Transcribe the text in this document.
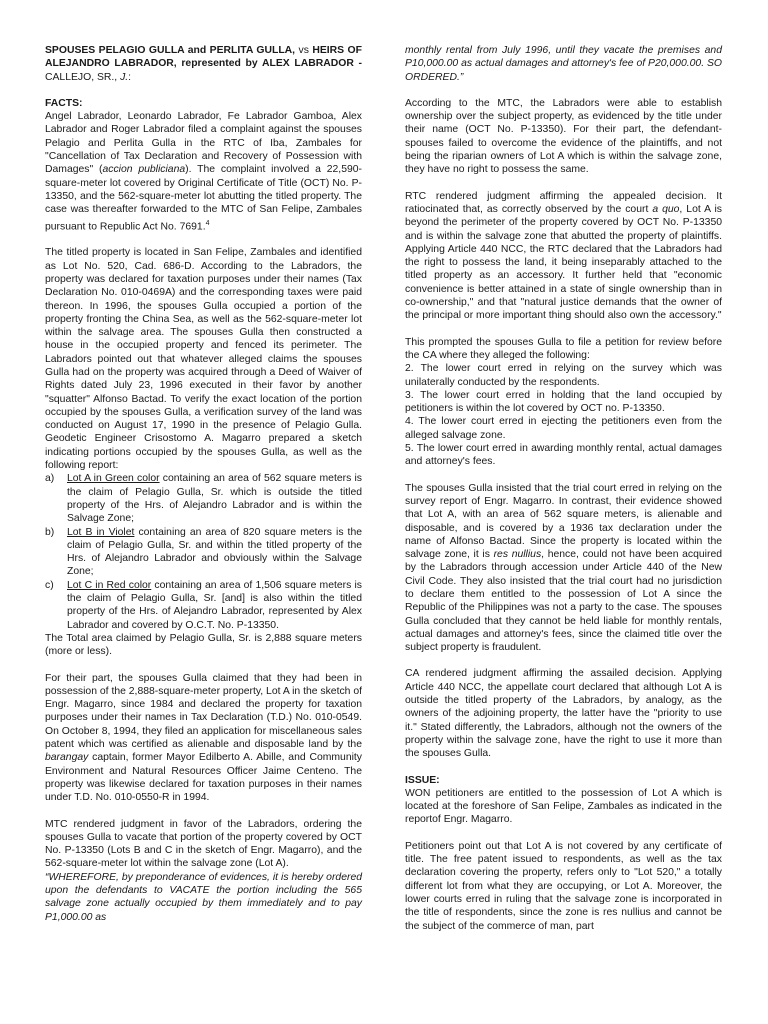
SPOUSES PELAGIO GULLA and PERLITA GULLA, vs HEIRS OF ALEJANDRO LABRADOR, represented by ALEX LABRADOR - CALLEJO, SR., J.:

FACTS:

Angel Labrador, Leonardo Labrador, Fe Labrador Gamboa, Alex Labrador and Roger Labrador filed a complaint against the spouses Pelagio and Perlita Gulla in the RTC of Iba, Zambales for "Cancellation of Tax Declaration and Recovery of Possession with Damages" (accion publiciana). The complaint involved a 22,590-square-meter lot covered by Original Certificate of Title (OCT) No. P-13350, and the 562-square-meter lot abutting the titled property. The case was thereafter forwarded to the MTC of San Felipe, Zambales pursuant to Republic Act No. 7691.$^4$

The titled property is located in San Felipe, Zambales and identified as Lot No. 520, Cad. 686-D. According to the Labradors, the property was declared for taxation purposes under their names (Tax Declaration No. 010-0469A) and the corresponding taxes were paid thereon. In 1996, the spouses Gulla occupied a portion of the property fronting the China Sea, as well as the 562-square-meter lot within the salvage area. The spouses Gulla then constructed a house in the occupied property and fenced its perimeter. The Labradors pointed out that whatever alleged claims the spouses Gulla had on the property was acquired through a Deed of Waiver of Rights dated July 23, 1996 executed in their favor by another "squatter" Alfonso Bactad. To verify the exact location of the portion occupied by the spouses Gulla, a verification survey of the land was conducted on August 17, 1990 in the presence of Pelagio Gulla. Geodetic Engineer Crisostomo A. Magarro prepared a sketch indicating portions occupied by the spouses Gulla, as well as the following report:

a)	Lot A in Green color containing an area of 562 square meters is the claim of Pelagio Gulla, Sr. which is outside the titled property of the Hrs. of Alejandro Labrador and is within the Salvage Zone;
b)	Lot B in Violet containing an area of 820 square meters is the claim of Pelagio Gulla, Sr. and within the titled property of the Hrs. of Alejandro Labrador and obviously within the Salvage Zone;
c)	Lot C in Red color containing an area of 1,506 square meters is the claim of Pelagio Gulla, Sr. [and] is also within the titled property of the Hrs. of Alejandro Labrador, represented by Alex Labrador and covered by O.C.T. No. P-13350.

The Total area claimed by Pelagio Gulla, Sr. is 2,888 square meters (more or less).

For their part, the spouses Gulla claimed that they had been in possession of the 2,888-square-meter property, Lot A in the sketch of Engr. Magarro, since 1984 and declared the property for taxation purposes under their names in Tax Declaration (T.D.) No. 010-0549. On October 8, 1994, they filed an application for miscellaneous sales patent which was certified as alienable and disposable land by the barangay captain, former Mayor Edilberto A. Abille, and Community Environment and Natural Resources Officer Jaime Centeno. The property was likewise declared for taxation purposes in their names under T.D. No. 010-0550-R in 1994.

MTC rendered judgment in favor of the Labradors, ordering the spouses Gulla to vacate that portion of the property covered by OCT No. P-13350 (Lots B and C in the sketch of Engr. Magarro), and the 562-square-meter lot within the salvage zone (Lot A).

“WHEREFORE, by preponderance of evidences, it is hereby ordered upon the defendants to VACATE the portion including the 565 salvage zone actually occupied by them immediately and to pay P1,000.00 as

monthly rental from July 1996, until they vacate the premises and P10,000.00 as actual damages and attorney's fee of P20,000.00. SO ORDERED.”

According to the MTC, the Labradors were able to establish ownership over the subject property, as evidenced by the title under their name (OCT No. P-13350). For their part, the defendant-spouses failed to overcome the evidence of the plaintiffs, and not being the riparian owners of Lot A which is within the salvage zone, they have no right to possess the same.

RTC rendered judgment affirming the appealed decision. It ratiocinated that, as correctly observed by the court a quo, Lot A is beyond the perimeter of the property covered by OCT No. P-13350 and is within the salvage zone that abutted the property of plaintiffs. Applying Article 440 NCC, the RTC declared that the Labradors had the right to possess the land, it being inseparably attached to the titled property as an accessory. It further held that "economic convenience is better attained in a state of single ownership than in co-ownership," and that "natural justice demands that the owner of the principal or more important thing should also own the accessory."

This prompted the spouses Gulla to file a petition for review before the CA where they alleged the following:

2. The lower court erred in relying on the survey which was unilaterally conducted by the respondents.

3. The lower court erred in holding that the land occupied by petitioners is within the lot covered by OCT no. P-13350.

4. The lower court erred in ejecting the petitioners even from the alleged salvage zone.

5. The lower court erred in awarding monthly rental, actual damages and attorney's fees.

The spouses Gulla insisted that the trial court erred in relying on the survey report of Engr. Magarro. In contrast, their evidence showed that Lot A, with an area of 562 square meters, is alienable and disposable, and is covered by a 1936 tax declaration under the name of Alfonso Bactad. Since the property is located within the salvage zone, it is res nullius, hence, could not have been acquired by the Labradors through accession under Article 440 of the New Civil Code. They also insisted that the trial court had no jurisdiction to declare them entitled to the possession of Lot A since the Republic of the Philippines was not a party to the case. The spouses Gulla concluded that they cannot be held liable for monthly rentals, actual damages and attorney's fees, since the claimed title over the subject property is fraudulent.

CA rendered judgment affirming the assailed decision. Applying Article 440 NCC, the appellate court declared that although Lot A is outside the titled property of the Labradors, by analogy, as the owners of the adjoining property, the latter have the "priority to use it." Stated differently, the Labradors, although not the owners of the property within the salvage zone, have the right to use it more than the spouses Gulla.

ISSUE:

WON petitioners are entitled to the possession of Lot A which is located at the foreshore of San Felipe, Zambales as indicated in the reportof Engr. Magarro.

Petitioners point out that Lot A is not covered by any certificate of title. The free patent issued to respondents, as well as the tax declaration covering the property, refers only to "Lot 520," a totally different lot from what they are occupying, or Lot A. Moreover, the lower courts erred in ruling that the salvage zone is incorporated in the title of respondents, since the zone is res nullius and cannot be the subject of the commerce of man, part
